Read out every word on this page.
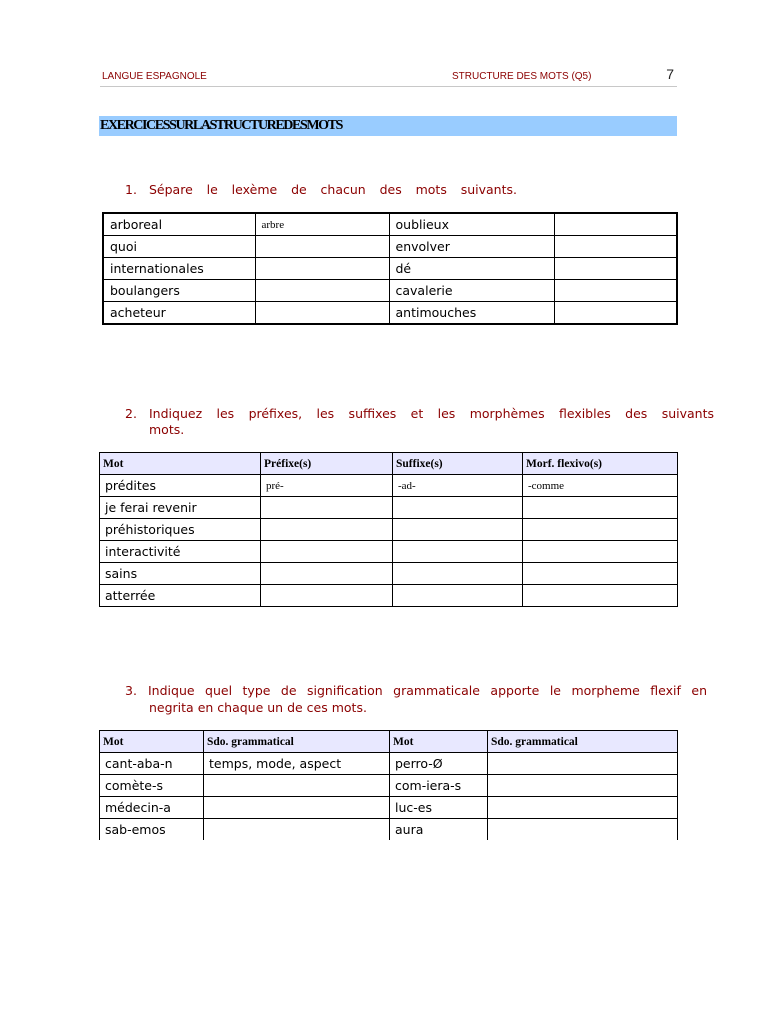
LANGUE ESPAGNOLE	STRUCTURE DES MOTS (Q5)	7
EXERCICESSURLASTRUCTUREDESMOTS
1. Sépare le lexème de chacun des mots suivants.
arboreal	arbre	oublieux	
quoi		envolver	
internationales		dé	
boulangers		cavalerie	
acheteur		antimouches	
2. Indiquez les préfixes, les suffixes et les morphèmes flexibles des suivants
mots.
Mot	Préfixe(s)	Suffixe(s)	Morf. flexivo(s)
prédites	pré-	-ad-	-comme
je ferai revenir			
préhistoriques			
interactivité			
sains			
atterrée			
3. Indique quel type de signification grammaticale apporte le morpheme flexif en
negrita en chaque un de ces mots.
Mot	Sdo. grammatical	Mot	Sdo. grammatical
cant-aba-n	temps, mode, aspect	perro-Ø	
comète-s		com-iera-s	
médecin-a		luc-es	
sab-emos		aura	
